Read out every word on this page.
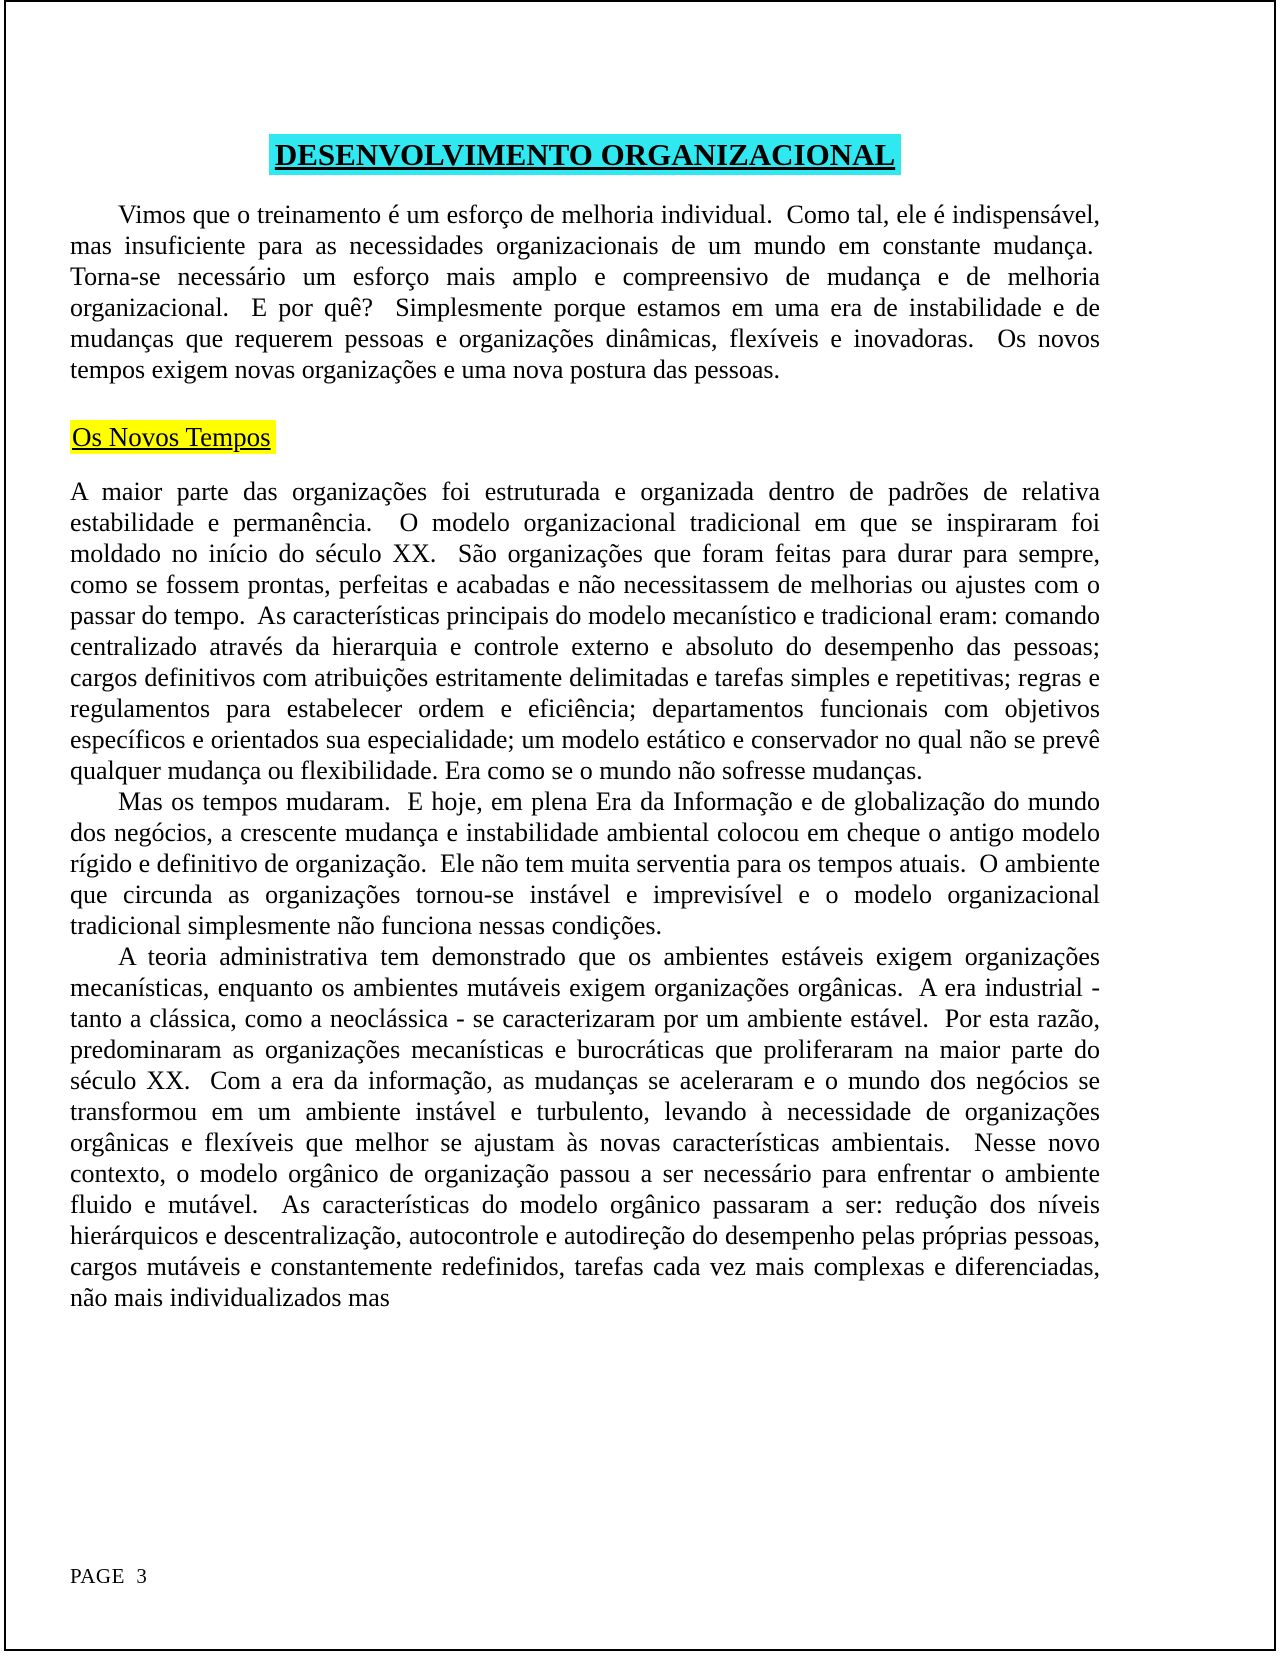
DESENVOLVIMENTO ORGANIZACIONAL

Vimos que o treinamento é um esforço de melhoria individual.  Como tal, ele é indispensável, mas insuficiente para as necessidades organizacionais de um mundo em constante mudança.  Torna-se necessário um esforço mais amplo e compreensivo de mudança e de melhoria organizacional.  E por quê?  Simplesmente porque estamos em uma era de instabilidade e de mudanças que requerem pessoas e organizações dinâmicas, flexíveis e inovadoras.  Os novos tempos exigem novas organizações e uma nova postura das pessoas.

Os Novos Tempos

A maior parte das organizações foi estruturada e organizada dentro de padrões de relativa estabilidade e permanência.  O modelo organizacional tradicional em que se inspiraram foi moldado no início do século XX.  São organizações que foram feitas para durar para sempre, como se fossem prontas, perfeitas e acabadas e não necessitassem de melhorias ou ajustes com o passar do tempo.  As características principais do modelo mecanístico e tradicional eram: comando centralizado através da hierarquia e controle externo e absoluto do desempenho das pessoas; cargos definitivos com atribuições estritamente delimitadas e tarefas simples e repetitivas; regras e regulamentos para estabelecer ordem e eficiência; departamentos funcionais com objetivos específicos e orientados sua especialidade; um modelo estático e conservador no qual não se prevê qualquer mudança ou flexibilidade. Era como se o mundo não sofresse mudanças.

Mas os tempos mudaram.  E hoje, em plena Era da Informação e de globalização do mundo dos negócios, a crescente mudança e instabilidade ambiental colocou em cheque o antigo modelo rígido e definitivo de organização.  Ele não tem muita serventia para os tempos atuais.  O ambiente que circunda as organizações tornou-se instável e imprevisível e o modelo organizacional tradicional simplesmente não funciona nessas condições.

A teoria administrativa tem demonstrado que os ambientes estáveis exigem organizações mecanísticas, enquanto os ambientes mutáveis exigem organizações orgânicas.  A era industrial - tanto a clássica, como a neoclássica - se caracterizaram por um ambiente estável.  Por esta razão, predominaram as organizações mecanísticas e burocráticas que proliferaram na maior parte do século XX.  Com a era da informação, as mudanças se aceleraram e o mundo dos negócios se transformou em um ambiente instável e turbulento, levando à necessidade de organizações orgânicas e flexíveis que melhor se ajustam às novas características ambientais.  Nesse novo contexto, o modelo orgânico de organização passou a ser necessário para enfrentar o ambiente fluido e mutável.  As características do modelo orgânico passaram a ser: redução dos níveis hierárquicos e descentralização, autocontrole e autodireção do desempenho pelas próprias pessoas, cargos mutáveis e constantemente redefinidos, tarefas cada vez mais complexas e diferenciadas, não mais individualizados mas

PAGE  3
